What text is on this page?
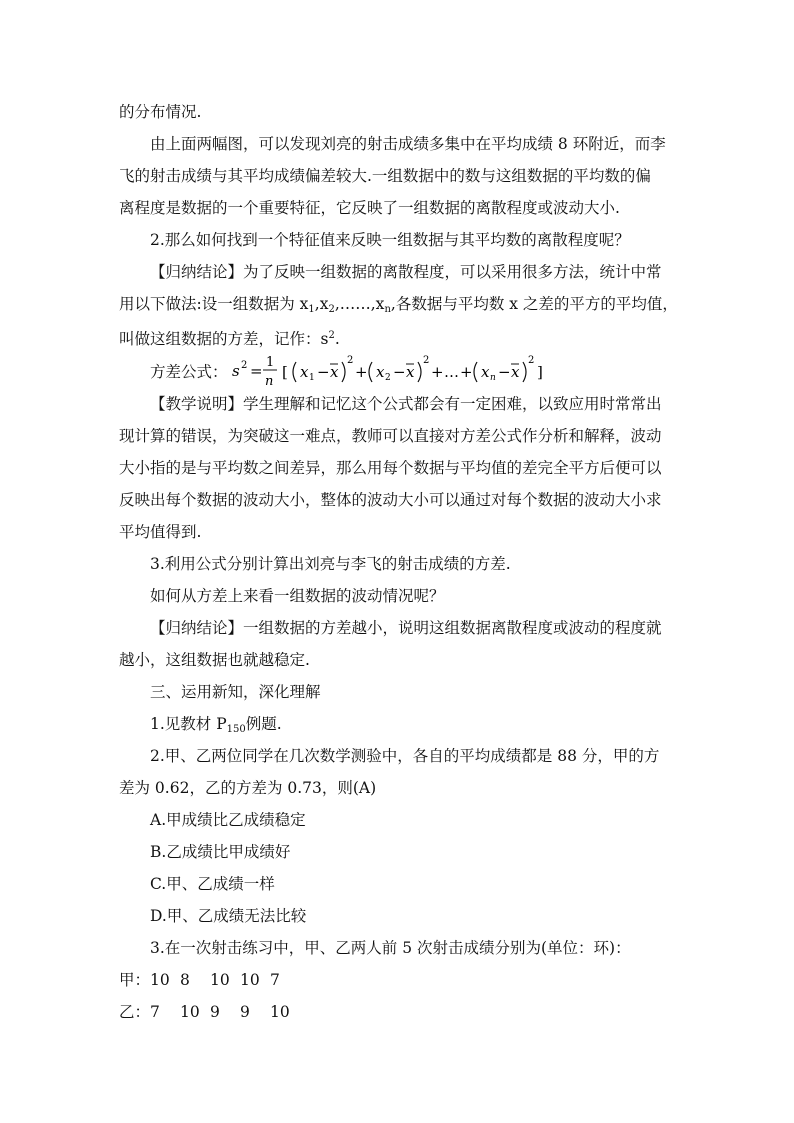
的分布情况.
由上面两幅图，可以发现刘亮的射击成绩多集中在平均成绩 8 环附近，而李
飞的射击成绩与其平均成绩偏差较大.一组数据中的数与这组数据的平均数的偏
离程度是数据的一个重要特征，它反映了一组数据的离散程度或波动大小.
2.那么如何找到一个特征值来反映一组数据与其平均数的离散程度呢？
【归纳结论】为了反映一组数据的离散程度，可以采用很多方法，统计中常
用以下做法:设一组数据为 $x_1,x_2,\dots\dots,x_n$,各数据与平均数 x 之差的平方的平均值，
叫做这组数据的方差，记作：$s^2$.
方差公式： s 2 = 1
n
[ x 1 − x
2
+ x 2 − x
2
+ … + x n − x
2
]
【教学说明】学生理解和记忆这个公式都会有一定困难，以致应用时常常出
现计算的错误，为突破这一难点，教师可以直接对方差公式作分析和解释，波动
大小指的是与平均数之间差异，那么用每个数据与平均值的差完全平方后便可以
反映出每个数据的波动大小，整体的波动大小可以通过对每个数据的波动大小求
平均值得到.
3.利用公式分别计算出刘亮与李飞的射击成绩的方差.
如何从方差上来看一组数据的波动情况呢？
【归纳结论】一组数据的方差越小，说明这组数据离散程度或波动的程度就
越小，这组数据也就越稳定.
三、运用新知，深化理解
1.见教材 $P_{150}$例题.
2.甲、乙两位同学在几次数学测验中，各自的平均成绩都是 88 分，甲的方
差为 0.62，乙的方差为 0.73，则(A)
A.甲成绩比乙成绩稳定
B.乙成绩比甲成绩好
C.甲、乙成绩一样
D.甲、乙成绩无法比较
3.在一次射击练习中，甲、乙两人前 5 次射击成绩分别为(单位：环)：
甲：10 8 10 10 7
乙：7 10 9 9 10
